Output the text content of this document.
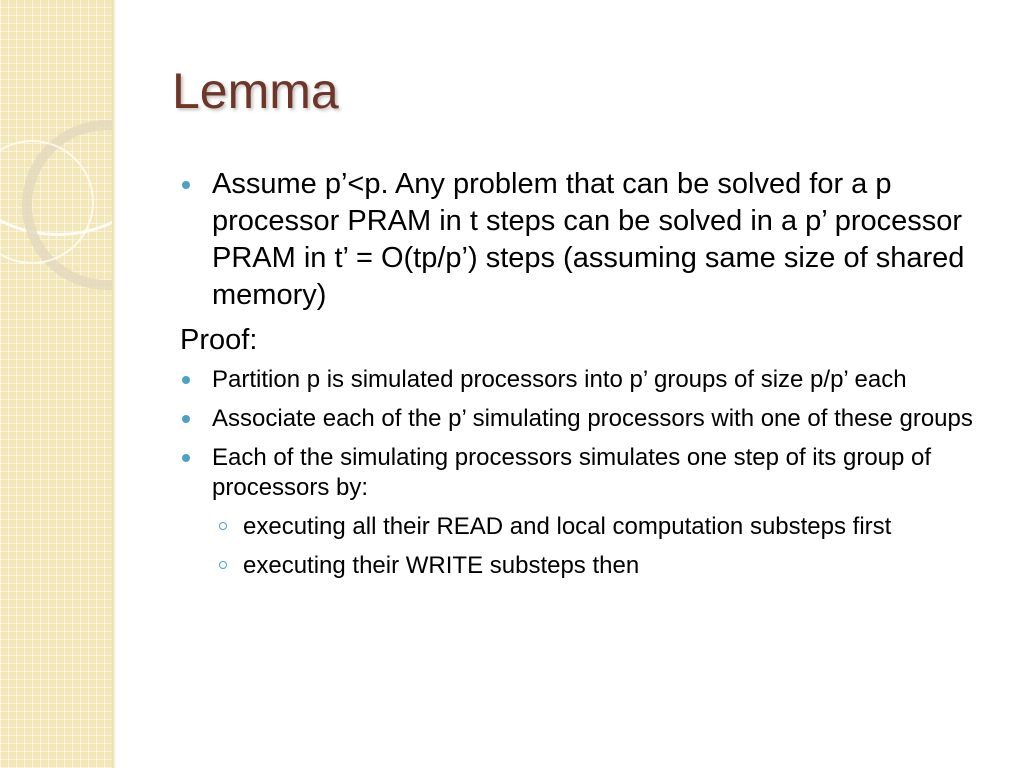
Lemma
Assume p’<p. Any problem that can be solved for a p processor PRAM in t steps can be solved in a p’ processor PRAM in t’ = O(tp/p’) steps (assuming same size of shared memory)
Proof:
Partition p is simulated processors into p’ groups of size p/p’ each
Associate each of the p’ simulating processors with one of these groups
Each of the simulating processors simulates one step of its group of processors by:
executing all their READ and local computation substeps first
executing their WRITE substeps then
